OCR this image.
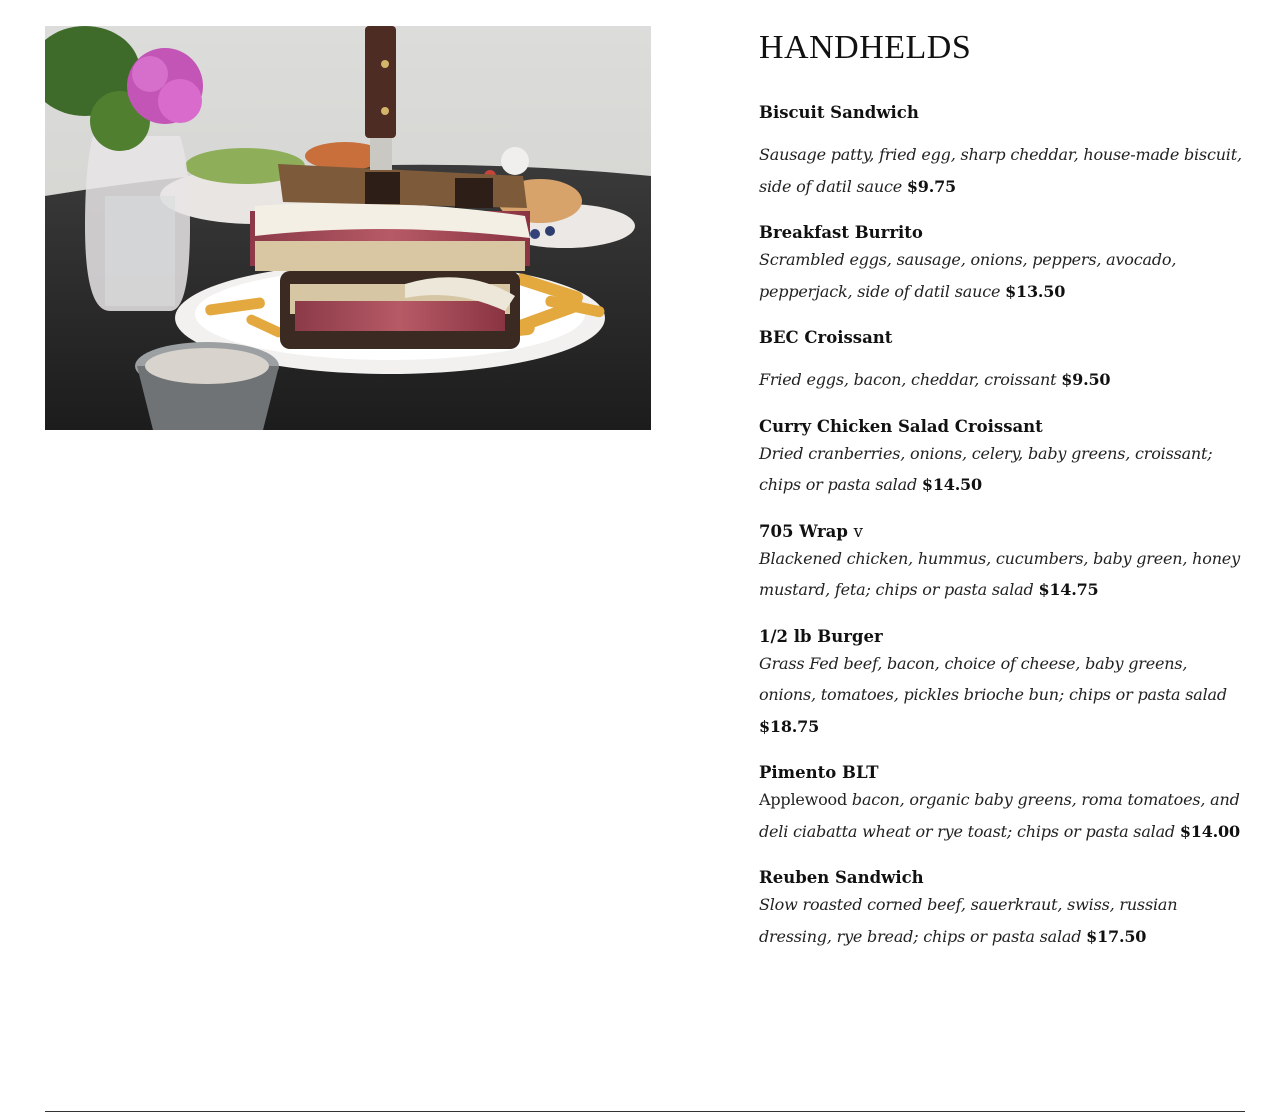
HANDHELDS

Biscuit Sandwich

Sausage patty, fried egg, sharp cheddar, house-made biscuit, side of datil sauce $9.75

Breakfast Burrito

Scrambled eggs, sausage, onions, peppers, avocado, pepperjack, side of datil sauce $13.50

BEC Croissant

Fried eggs, bacon, cheddar, croissant $9.50

Curry Chicken Salad Croissant

Dried cranberries, onions, celery, baby greens, croissant; chips or pasta salad $14.50

705 Wrap v

Blackened chicken, hummus, cucumbers, baby green, honey mustard, feta; chips or pasta salad $14.75

1/2 lb Burger

Grass Fed beef, bacon, choice of cheese, baby greens, onions, tomatoes, pickles brioche bun; chips or pasta salad $18.75

Pimento BLT

Applewood bacon, organic baby greens, roma tomatoes, and deli ciabatta wheat or rye toast; chips or pasta salad $14.00

Reuben Sandwich

Slow roasted corned beef, sauerkraut, swiss, russian dressing, rye bread; chips or pasta salad $17.50
